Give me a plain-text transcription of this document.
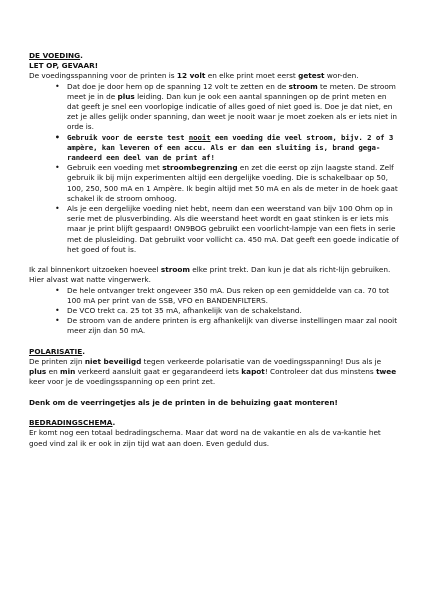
DE VOEDING.

LET OP, GEVAAR!

De voedingsspanning voor de printen is 12 volt en elke print moet eerst getest wor-den.

• Dat doe je door hem op de spanning 12 volt te zetten en de stroom te meten. De stroom meet je in de plus leiding. Dan kun je ook een aantal spanningen op de print meten en dat geeft je snel een voorlopige indicatie of alles goed of niet goed is. Doe je dat niet, en zet je alles gelijk onder spanning, dan weet je nooit waar je moet zoeken als er iets niet in orde is.
• Gebruik voor de eerste test nooit een voeding die veel stroom, bijv. 2 of 3 ampère, kan leveren of een accu. Als er dan een sluiting is, brand gega-randeerd een deel van de print af!
• Gebruik een voeding met stroombegrenzing en zet die eerst op zijn laagste stand. Zelf gebruik ik bij mijn experimenten altijd een dergelijke voeding. Die is schakelbaar op 50, 100, 250, 500 mA en 1 Ampère. Ik begin altijd met 50 mA en als de meter in de hoek gaat schakel ik de stroom omhoog.
• Als je een dergelijke voeding niet hebt, neem dan een weerstand van bijv 100 Ohm op in serie met de plusverbinding. Als die weerstand heet wordt en gaat stinken is er iets mis maar je print blijft gespaard! ON9BOG gebruikt een voorlicht-lampje van een fiets in serie met de plusleiding. Dat gebruikt voor vollicht ca. 450 mA. Dat geeft een goede indicatie of het goed of fout is.

Ik zal binnenkort uitzoeken hoeveel stroom elke print trekt. Dan kun je dat als richt-lijn gebruiken. Hier alvast wat natte vingerwerk.

• De hele ontvanger trekt ongeveer 350 mA. Dus reken op een gemiddelde van ca. 70 tot 100 mA per print van de SSB, VFO en BANDENFILTERS.
• De VCO trekt ca. 25 tot 35 mA, afhankelijk van de schakelstand.
• De stroom van de andere printen is erg afhankelijk van diverse instellingen maar zal nooit meer zijn dan 50 mA.

POLARISATIE.

De printen zijn niet beveiligd tegen verkeerde polarisatie van de voedingsspanning! Dus als je plus en min verkeerd aansluit gaat er gegarandeerd iets kapot! Controleer dat dus minstens twee keer voor je de voedingsspanning op een print zet.

Denk om de veerringetjes als je de printen in de behuizing gaat monteren!

BEDRADINGSCHEMA.

Er komt nog een totaal bedradingschema. Maar dat word na de vakantie en als de va-kantie het goed vind zal ik er ook in zijn tijd wat aan doen. Even geduld dus.
